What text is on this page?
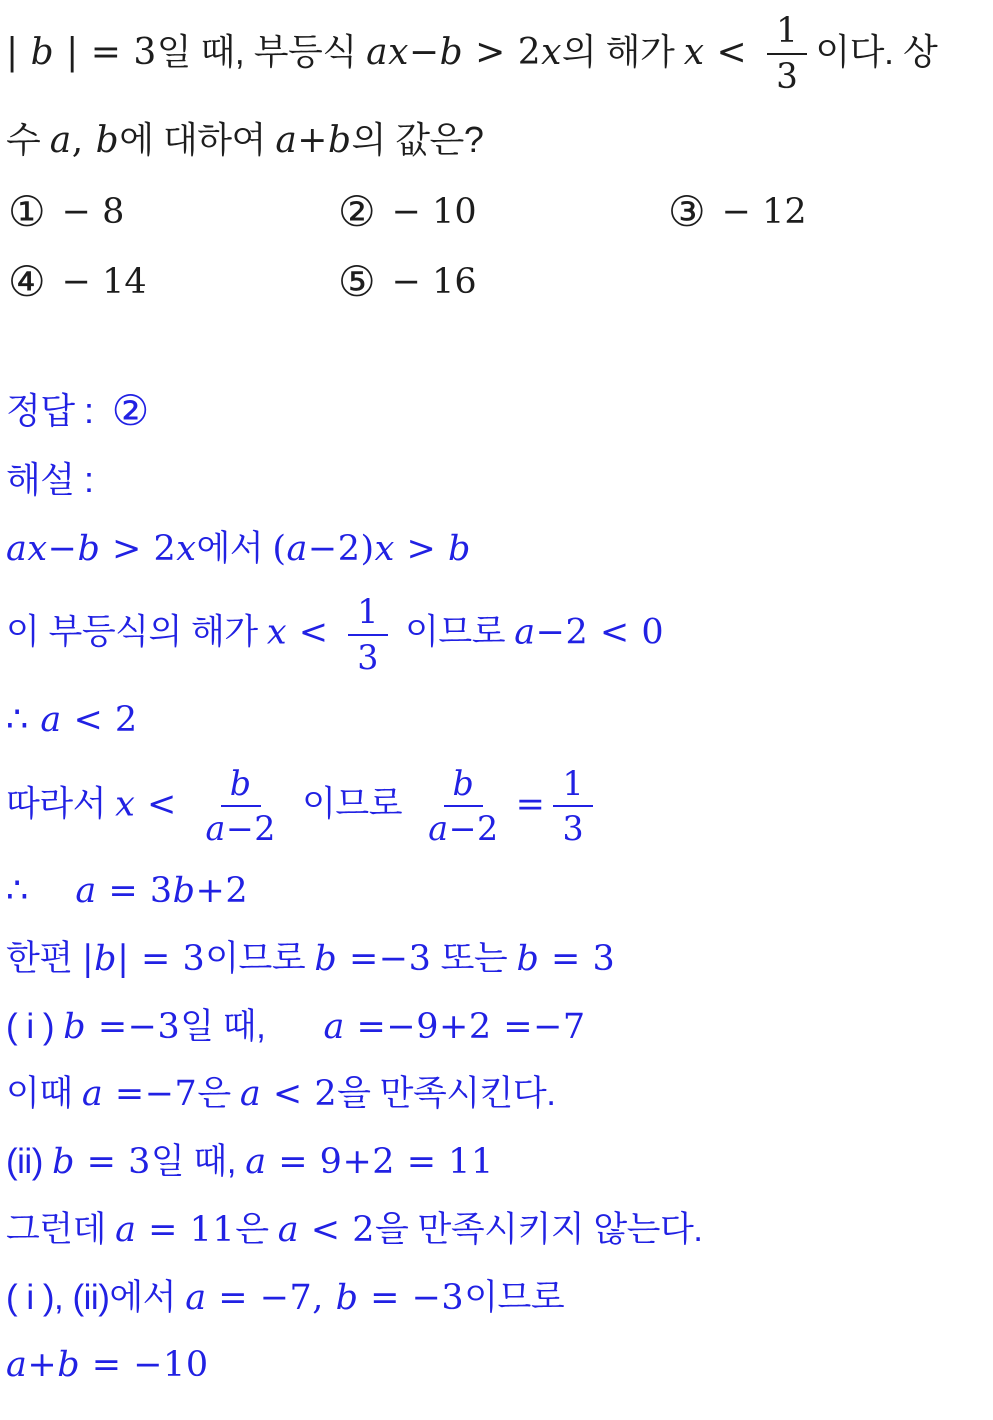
| b | = 3일 때, 부등식 ax−b > 2x의 해가 $x < \frac{1}{3}$ 이다. 상
수 a, b에 대하여 a+b의 값은?
① − 8	② − 10	③ − 12
④ − 14	⑤ − 16
정답 : ②
해설 :
ax−b > 2x에서 (a−2)x > b
이 부등식의 해가 $x < \frac{1}{3}$ 이므로 a−2 < 0
∴ a < 2
따라서 $x < \frac{b}{a-2}$ 이므로 $\frac{b}{a-2} = \frac{1}{3}$
∴ a = 3b+2
한편 |b| = 3이므로 b =−3 또는 b = 3
( i ) b =−3일 때, a =−9+2 =−7
이때 a =−7은 a < 2을 만족시킨다.
(ii) b = 3일 때, a = 9+2 = 11
그런데 a = 11은 a < 2을 만족시키지 않는다.
( i ), (ii)에서 a = −7, b = −3이므로
a+b = −10
